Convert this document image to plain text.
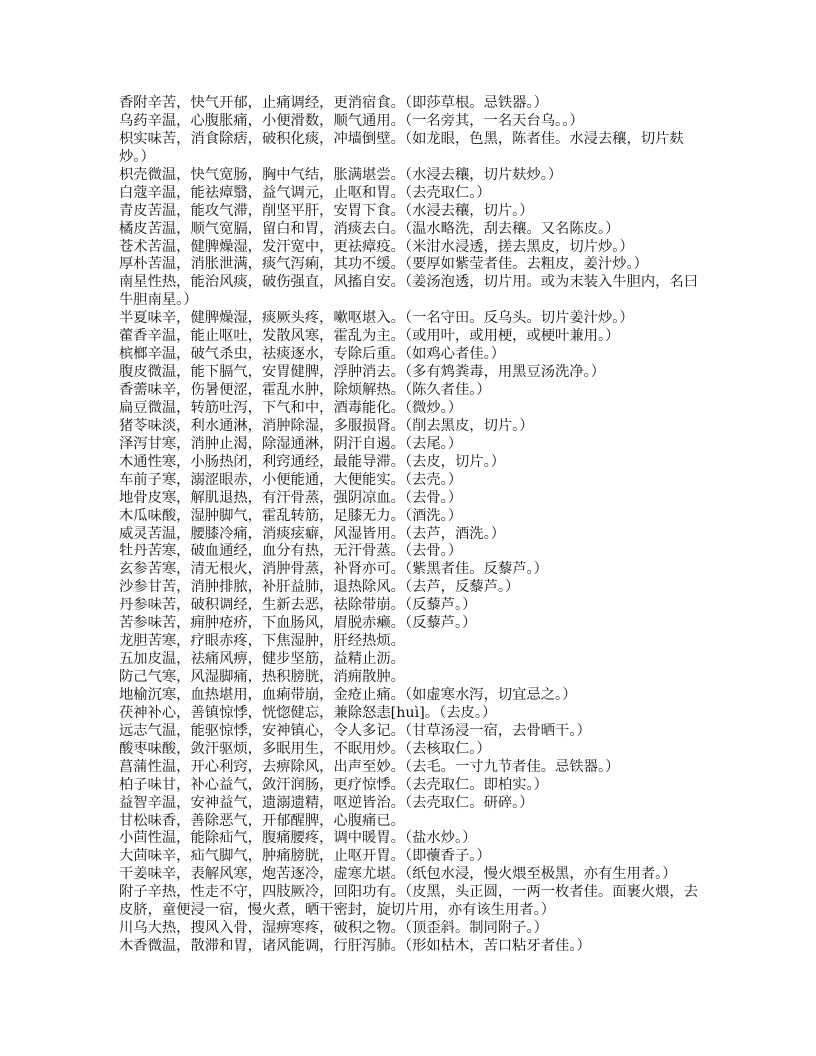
香附辛苦，快气开郁，止痛调经，更消宿食。（即莎草根。忌铁器。）

乌药辛温，心腹胀痛，小便滑数，顺气通用。（一名旁其，一名天台乌。。）

枳实味苦，消食除痞，破积化痰，冲墙倒壁。（如龙眼，色黑，陈者佳。水浸去穰，切片麸炒。）

枳壳微温，快气宽肠，胸中气结，胀满堪尝。（水浸去穰，切片麸炒。）

白蔻辛温，能祛瘴翳，益气调元，止呕和胃。（去壳取仁。）

青皮苦温，能攻气滞，削坚平肝，安胃下食。（水浸去穰，切片。）

橘皮苦温，顺气宽膈，留白和胃，消痰去白。（温水略洗，刮去穰。又名陈皮。）

苍术苦温，健脾燥湿，发汗宽中，更祛瘴疫。（米泔水浸透，搓去黑皮，切片炒。）

厚朴苦温，消胀泄满，痰气泻痢，其功不缓。（要厚如紫莹者佳。去粗皮，姜汁炒。）

南星性热，能治风痰，破伤强直，风搐自安。（姜汤泡透，切片用。或为末装入牛胆内，名曰牛胆南星。）

半夏味辛，健脾燥湿，痰厥头疼，嗽呕堪入。（一名守田。反乌头。切片姜汁炒。）

藿香辛温，能止呕吐，发散风寒，霍乱为主。（或用叶，或用梗，或梗叶兼用。）

槟榔辛温，破气杀虫，祛痰逐水，专除后重。（如鸡心者佳。）

腹皮微温，能下膈气，安胃健脾，浮肿消去。（多有鸩粪毒，用黑豆汤洗净。）

香薷味辛，伤暑便涩，霍乱水肿，除烦解热。（陈久者佳。）

扁豆微温，转筋吐泻，下气和中，酒毒能化。（微炒。）

猪苓味淡，利水通淋，消肿除湿，多服损肾。（削去黑皮，切片。）

泽泻甘寒，消肿止渴，除湿通淋，阴汗自遏。（去尾。）

木通性寒，小肠热闭，利窍通经，最能导滞。（去皮，切片。）

车前子寒，溺涩眼赤，小便能通，大便能实。（去壳。）

地骨皮寒，解肌退热，有汗骨蒸，强阴凉血。（去骨。）

木瓜味酸，湿肿脚气，霍乱转筋，足膝无力。（酒洗。）

威灵苦温，腰膝冷痛，消痰痃癖，风湿皆用。（去芦，酒洗。）

牡丹苦寒，破血通经，血分有热，无汗骨蒸。（去骨。）

玄参苦寒，清无根火，消肿骨蒸，补肾亦可。（紫黑者佳。反藜芦。）

沙参甘苦，消肿排脓，补肝益肺，退热除风。（去芦，反藜芦。）

丹参味苦，破积调经，生新去恶，祛除带崩。（反藜芦。）

苦参味苦，痈肿疮疥，下血肠风，眉脱赤癞。（反藜芦。）

龙胆苦寒，疗眼赤疼，下焦湿肿，肝经热烦。

五加皮温，祛痛风痹，健步坚筋，益精止沥。

防己气寒，风湿脚痛，热积膀胱，消痈散肿。

地榆沉寒，血热堪用，血痢带崩，金疮止痛。（如虚寒水泻，切宜忌之。）

茯神补心，善镇惊悸，恍惚健忘，兼除怒恚[huì]。（去皮。）

远志气温，能驱惊悸，安神镇心，令人多记。（甘草汤浸一宿，去骨晒干。）

酸枣味酸，敛汗驱烦，多眠用生，不眠用炒。（去核取仁。）

菖蒲性温，开心利窍，去痹除风，出声至妙。（去毛。一寸九节者佳。忌铁器。）

柏子味甘，补心益气，敛汗润肠，更疗惊悸。（去壳取仁。即柏实。）

益智辛温，安神益气，遗溺遗精，呕逆皆治。（去壳取仁。研碎。）

甘松味香，善除恶气，开郁醒脾，心腹痛已。

小茴性温，能除疝气，腹痛腰疼，调中暖胃。（盐水炒。）

大茴味辛，疝气脚气，肿痛膀胱，止呕开胃。（即蘹香子。）

干姜味辛，表解风寒，炮苦逐冷，虚寒尤堪。（纸包水浸，慢火煨至极黑，亦有生用者。）

附子辛热，性走不守，四肢厥冷，回阳功有。（皮黑，头正圆，一两一枚者佳。面裹火煨，去皮脐，童便浸一宿，慢火煮，晒干密封，旋切片用，亦有该生用者。）

川乌大热，搜风入骨，湿痹寒疼，破积之物。（顶歪斜。制同附子。）

木香微温，散滞和胃，诸风能调，行肝泻肺。（形如枯木，苦口粘牙者佳。）
